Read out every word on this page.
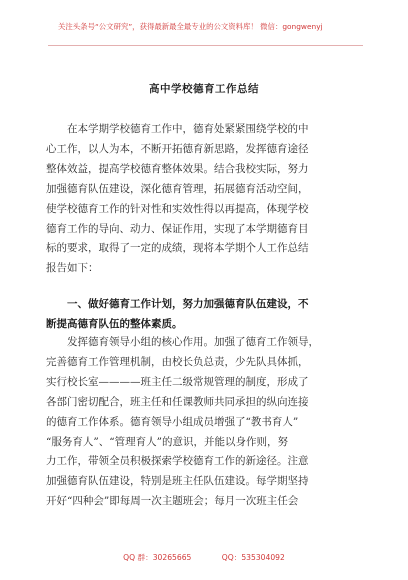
关注头条号“公文研究”，获得最新最全最专业的公文资料库！ 微信：gongwenyj
高中学校德育工作总结
　　在本学期学校德育工作中，德育处紧紧围绕学校的中
心工作，以人为本，不断开拓德育新思路，发挥德育途径
整体效益，提高学校德育整体效果。结合我校实际，努力
加强德育队伍建设，深化德育管理，拓展德育活动空间，
使学校德育工作的针对性和实效性得以再提高，体现学校
德育工作的导向、动力、保证作用，实现了本学期德育目
标的要求，取得了一定的成绩，现将本学期个人工作总结
报告如下：
　　一、做好德育工作计划，努力加强德育队伍建设，不
断提高德育队伍的整体素质。
　　发挥德育领导小组的核心作用。加强了德育工作领导，
完善德育工作管理机制，由校长负总责，少先队具体抓，
实行校长室————班主任二级常规管理的制度，形成了
各部门密切配合，班主任和任课教师共同承担的纵向连接
的德育工作体系。德育领导小组成员增强了“教书育人”
“服务育人”、“管理育人”的意识，并能以身作则，努
力工作，带领全员积极探索学校德育工作的新途径。注意
加强德育队伍建设，特别是班主任队伍建设。每学期坚持
开好“四种会”即每周一次主题班会；每月一次班主任会
QQ 群：30265665	QQ：535304092
